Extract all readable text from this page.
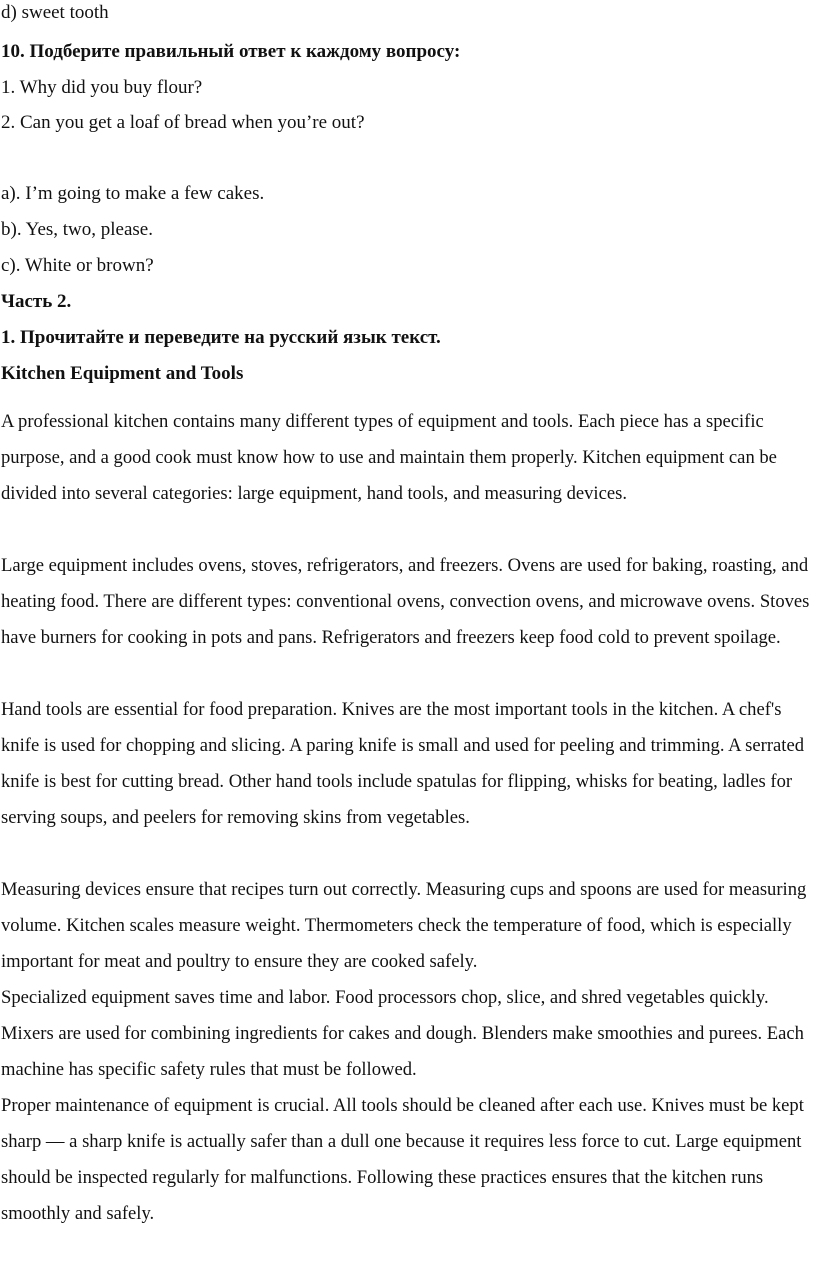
d) sweet tooth
10. Подберите правильный ответ к каждому вопросу:
1. Why did you buy flour?
2. Can you get a loaf of bread when you’re out?
a). I’m going to make a few cakes.
b). Yes, two, please.
c). White or brown?
Часть 2.
1. Прочитайте и переведите на русский язык текст.
Kitchen Equipment and Tools

A professional kitchen contains many different types of equipment and tools. Each piece has a specific purpose, and a good cook must know how to use and maintain them properly. Kitchen equipment can be divided into several categories: large equipment, hand tools, and measuring devices.

Large equipment includes ovens, stoves, refrigerators, and freezers. Ovens are used for baking, roasting, and heating food. There are different types: conventional ovens, convection ovens, and microwave ovens. Stoves have burners for cooking in pots and pans. Refrigerators and freezers keep food cold to prevent spoilage.

Hand tools are essential for food preparation. Knives are the most important tools in the kitchen. A chef's knife is used for chopping and slicing. A paring knife is small and used for peeling and trimming. A serrated knife is best for cutting bread. Other hand tools include spatulas for flipping, whisks for beating, ladles for serving soups, and peelers for removing skins from vegetables.

Measuring devices ensure that recipes turn out correctly. Measuring cups and spoons are used for measuring volume. Kitchen scales measure weight. Thermometers check the temperature of food, which is especially important for meat and poultry to ensure they are cooked safely.

Specialized equipment saves time and labor. Food processors chop, slice, and shred vegetables quickly. Mixers are used for combining ingredients for cakes and dough. Blenders make smoothies and purees. Each machine has specific safety rules that must be followed.

Proper maintenance of equipment is crucial. All tools should be cleaned after each use. Knives must be kept sharp — a sharp knife is actually safer than a dull one because it requires less force to cut. Large equipment should be inspected regularly for malfunctions. Following these practices ensures that the kitchen runs smoothly and safely.
